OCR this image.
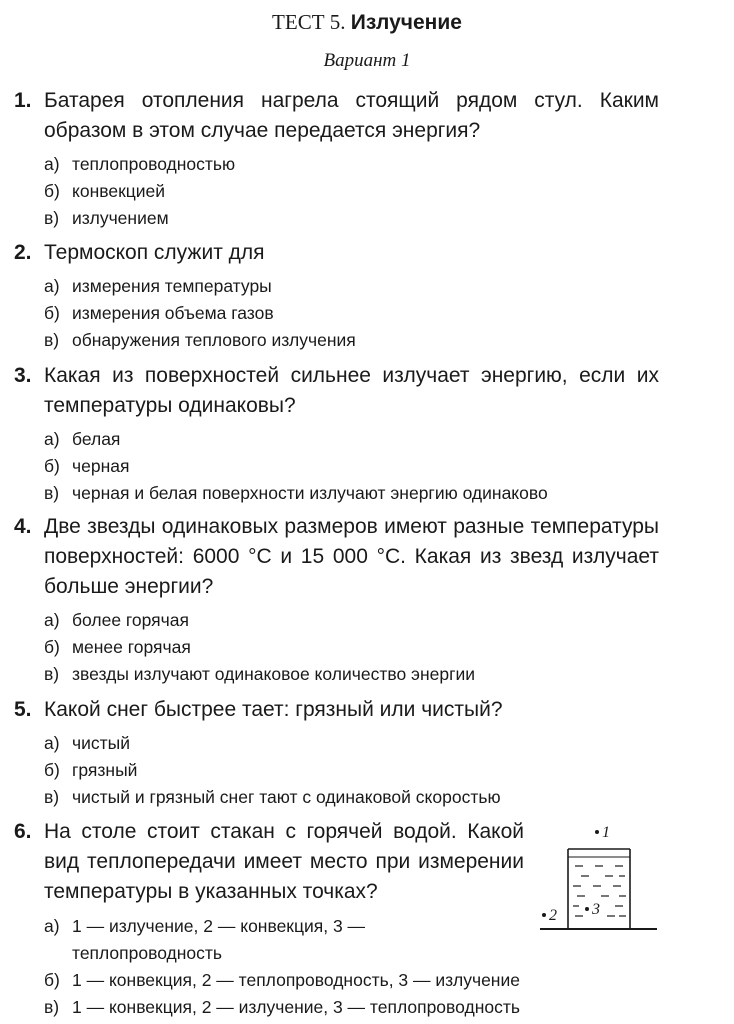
ТЕСТ 5. Излучение
Вариант 1
1. Батарея отопления нагрела стоящий рядом стул. Каким образом в этом случае передается энергия?
а) теплопроводностью
б) конвекцией
в) излучением
2. Термоскоп служит для
а) измерения температуры
б) измерения объема газов
в) обнаружения теплового излучения
3. Какая из поверхностей сильнее излучает энергию, если их температуры одинаковы?
а) белая
б) черная
в) черная и белая поверхности излучают энергию одинаково
4. Две звезды одинаковых размеров имеют разные температуры поверхностей: 6000 °С и 15 000 °С. Какая из звезд излучает больше энергии?
а) более горячая
б) менее горячая
в) звезды излучают одинаковое количество энергии
5. Какой снег быстрее тает: грязный или чистый?
а) чистый
б) грязный
в) чистый и грязный снег тают с одинаковой скоростью
6. На столе стоит стакан с горячей водой. Какой вид теплопередачи имеет место при измерении температуры в указанных точках?
а) 1 — излучение, 2 — конвекция, 3 — теплопроводность
б) 1 — конвекция, 2 — теплопроводность, 3 — излучение
в) 1 — конвекция, 2 — излучение, 3 — теплопроводность
1
2 3
